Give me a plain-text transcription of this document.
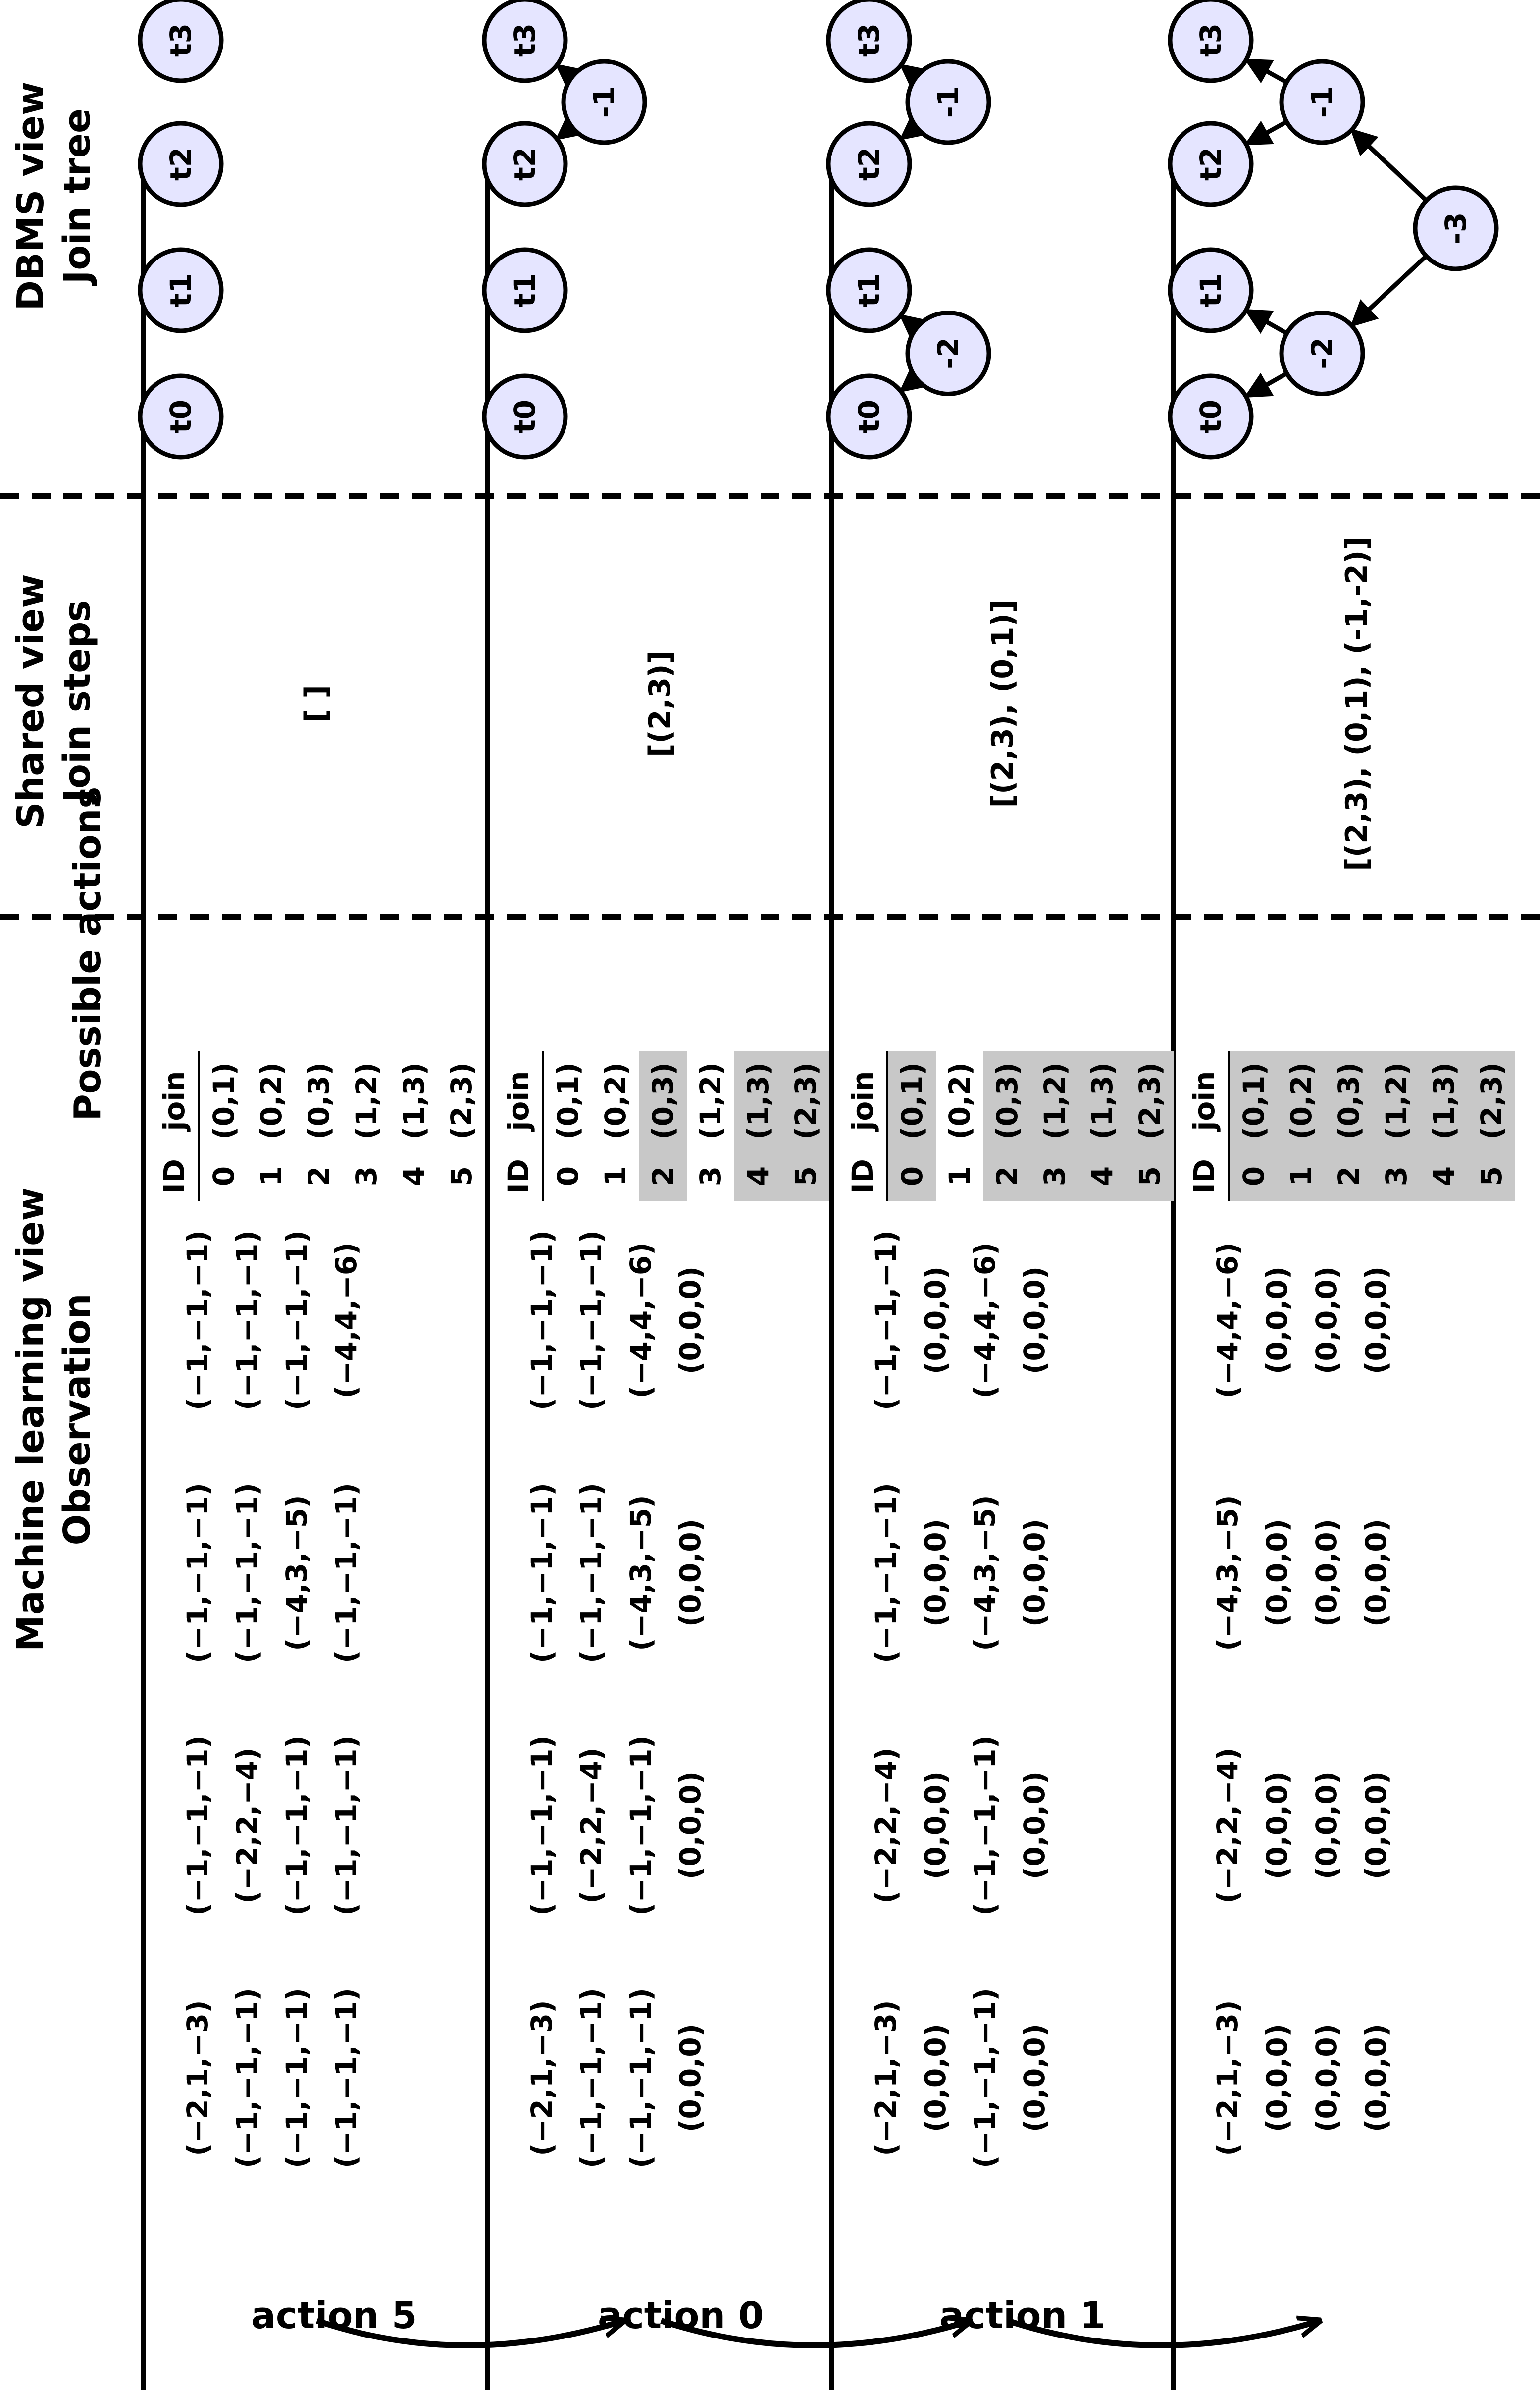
action 5	action 0	action 1
Machine learning view Observation
Possible actions
Shared view Join steps
DBMS view Join tree
(−2,1,−3) (−1,−1,−1) (−1,−1,−1) (−1,−1,−1)
(−1,−1,−1) (−2,2,−4) (−1,−1,−1) (−1,−1,−1)
(−1,−1,−1) (−1,−1,−1) (−4,3,−5) (−1,−1,−1)
(−1,−1,−1) (−1,−1,−1) (−1,−1,−1) (−4,4,−6)
ID	join
0	(0,1)
1	(0,2)
2	(0,3)
3	(1,2)
4	(1,3)
5	(2,3)
[ ]
(−2,1,−3) (−1,−1,−1) (−1,−1,−1) (0,0,0)
(−1,−1,−1) (−2,2,−4) (−1,−1,−1) (0,0,0)
(−1,−1,−1) (−1,−1,−1) (−4,3,−5) (0,0,0)
(−1,−1,−1) (−1,−1,−1) (−4,4,−6) (0,0,0)
ID	join
0	(0,1)
1	(0,2)
2	(0,3)
3	(1,2)
4	(1,3)
5	(2,3)
[(2,3)]
(−2,1,−3) (0,0,0) (−1,−1,−1) (0,0,0)
(−2,2,−4) (0,0,0) (−1,−1,−1) (0,0,0)
(−1,−1,−1) (0,0,0) (−4,3,−5) (0,0,0)
(−1,−1,−1) (0,0,0) (−4,4,−6) (0,0,0)
ID	join
0	(0,1)
1	(0,2)
2	(0,3)
3	(1,2)
4	(1,3)
5	(2,3)
[(2,3), (0,1)]
(−2,1,−3) (0,0,0) (0,0,0) (0,0,0)
(−2,2,−4) (0,0,0) (0,0,0) (0,0,0)
(−4,3,−5) (0,0,0) (0,0,0) (0,0,0)
(−4,4,−6) (0,0,0) (0,0,0) (0,0,0)
ID	join
0	(0,1)
1	(0,2)
2	(0,3)
3	(1,2)
4	(1,3)
5	(2,3)
[(2,3), (0,1), (-1,-2)]
t0
t1
t2
t3
t0
t1
-1
t2
t3
-2
t0
t1
-1
t2
t3
-3
-2
t0
t1
-1
t2
t3
